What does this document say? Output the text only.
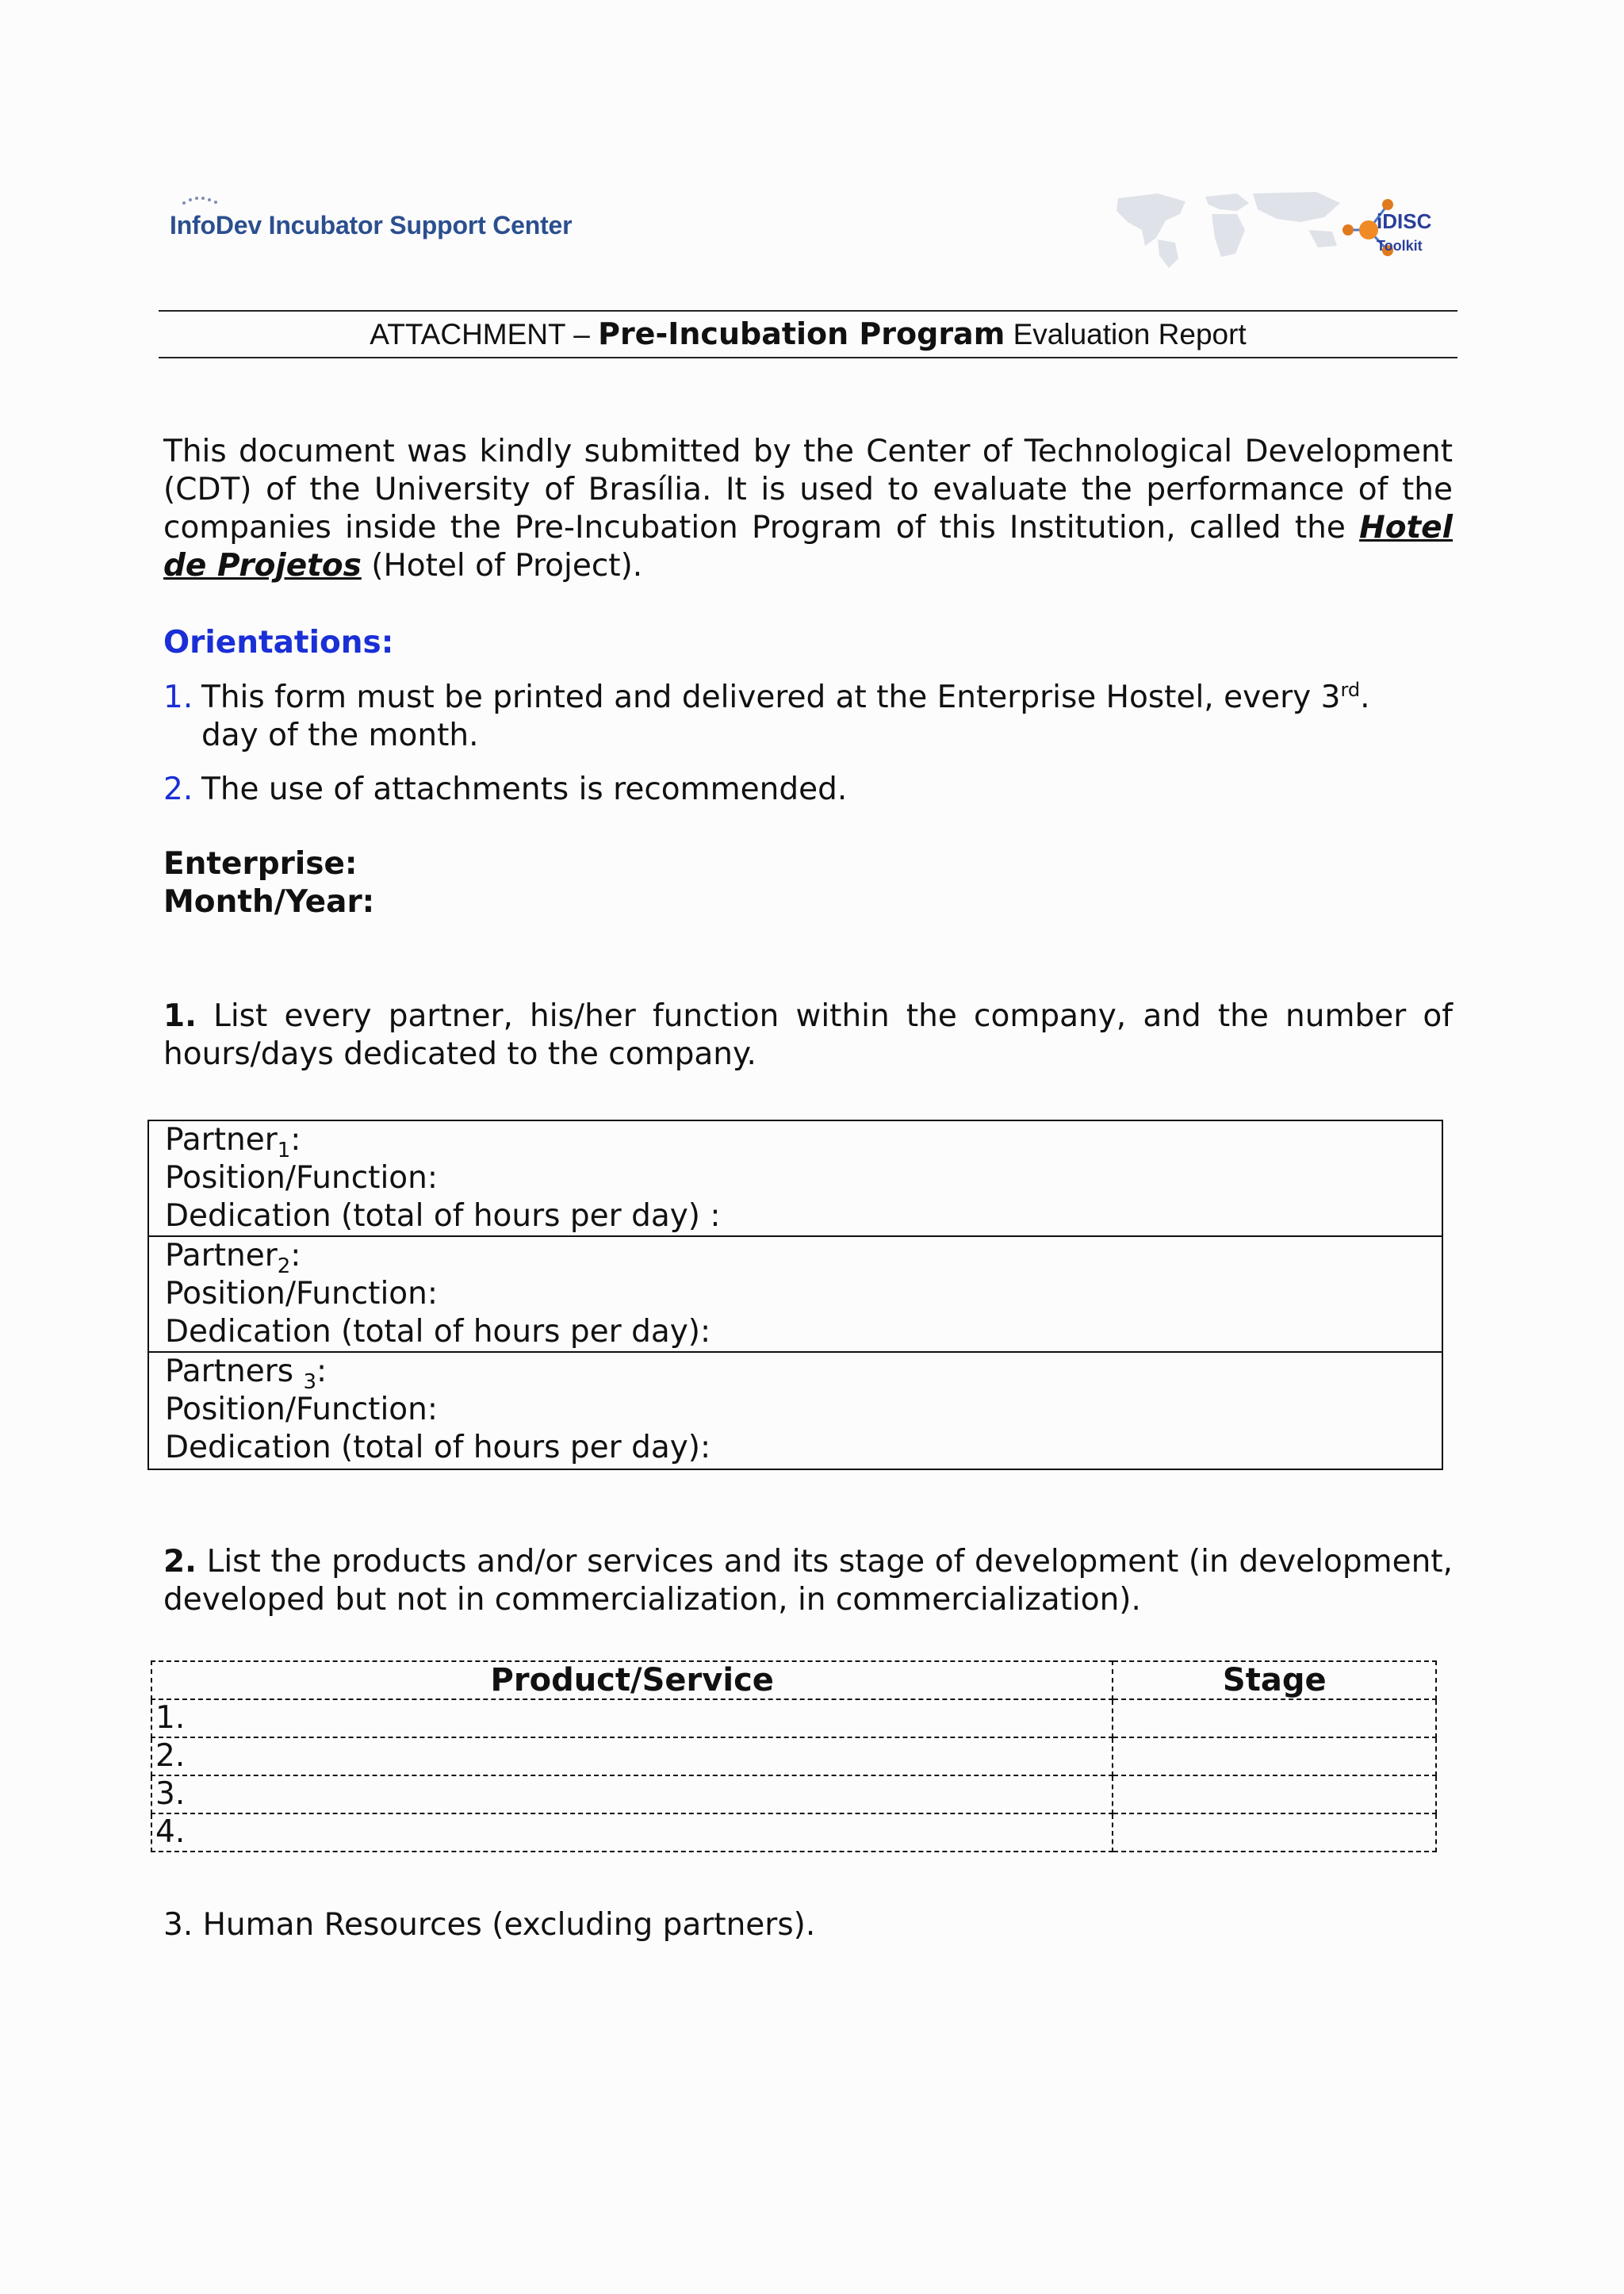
InfoDev Incubator Support Center	iDISC
Toolkit
ATTACHMENT – Pre-Incubation Program Evaluation Report
This document was kindly submitted by the Center of Technological Development (CDT) of the University of Brasília. It is used to evaluate the performance of the companies inside the Pre-Incubation Program of this Institution, called the Hotel de Projetos (Hotel of Project).
Orientations:
1. This form must be printed and delivered at the Enterprise Hostel, every 3rd. day of the month.
2. The use of attachments is recommended.
Enterprise:
Month/Year:
1. List every partner, his/her function within the company, and the number of hours/days dedicated to the company.
Partner$_1$:
Position/Function:
Dedication (total of hours per day) :
Partner$_2$:
Position/Function:
Dedication (total of hours per day):
Partners $_3$:
Position/Function:
Dedication (total of hours per day):
2. List the products and/or services and its stage of development (in development, developed but not in commercialization, in commercialization).
Product/Service	Stage
1.	
2.	
3.	
4.	
3. Human Resources (excluding partners).
